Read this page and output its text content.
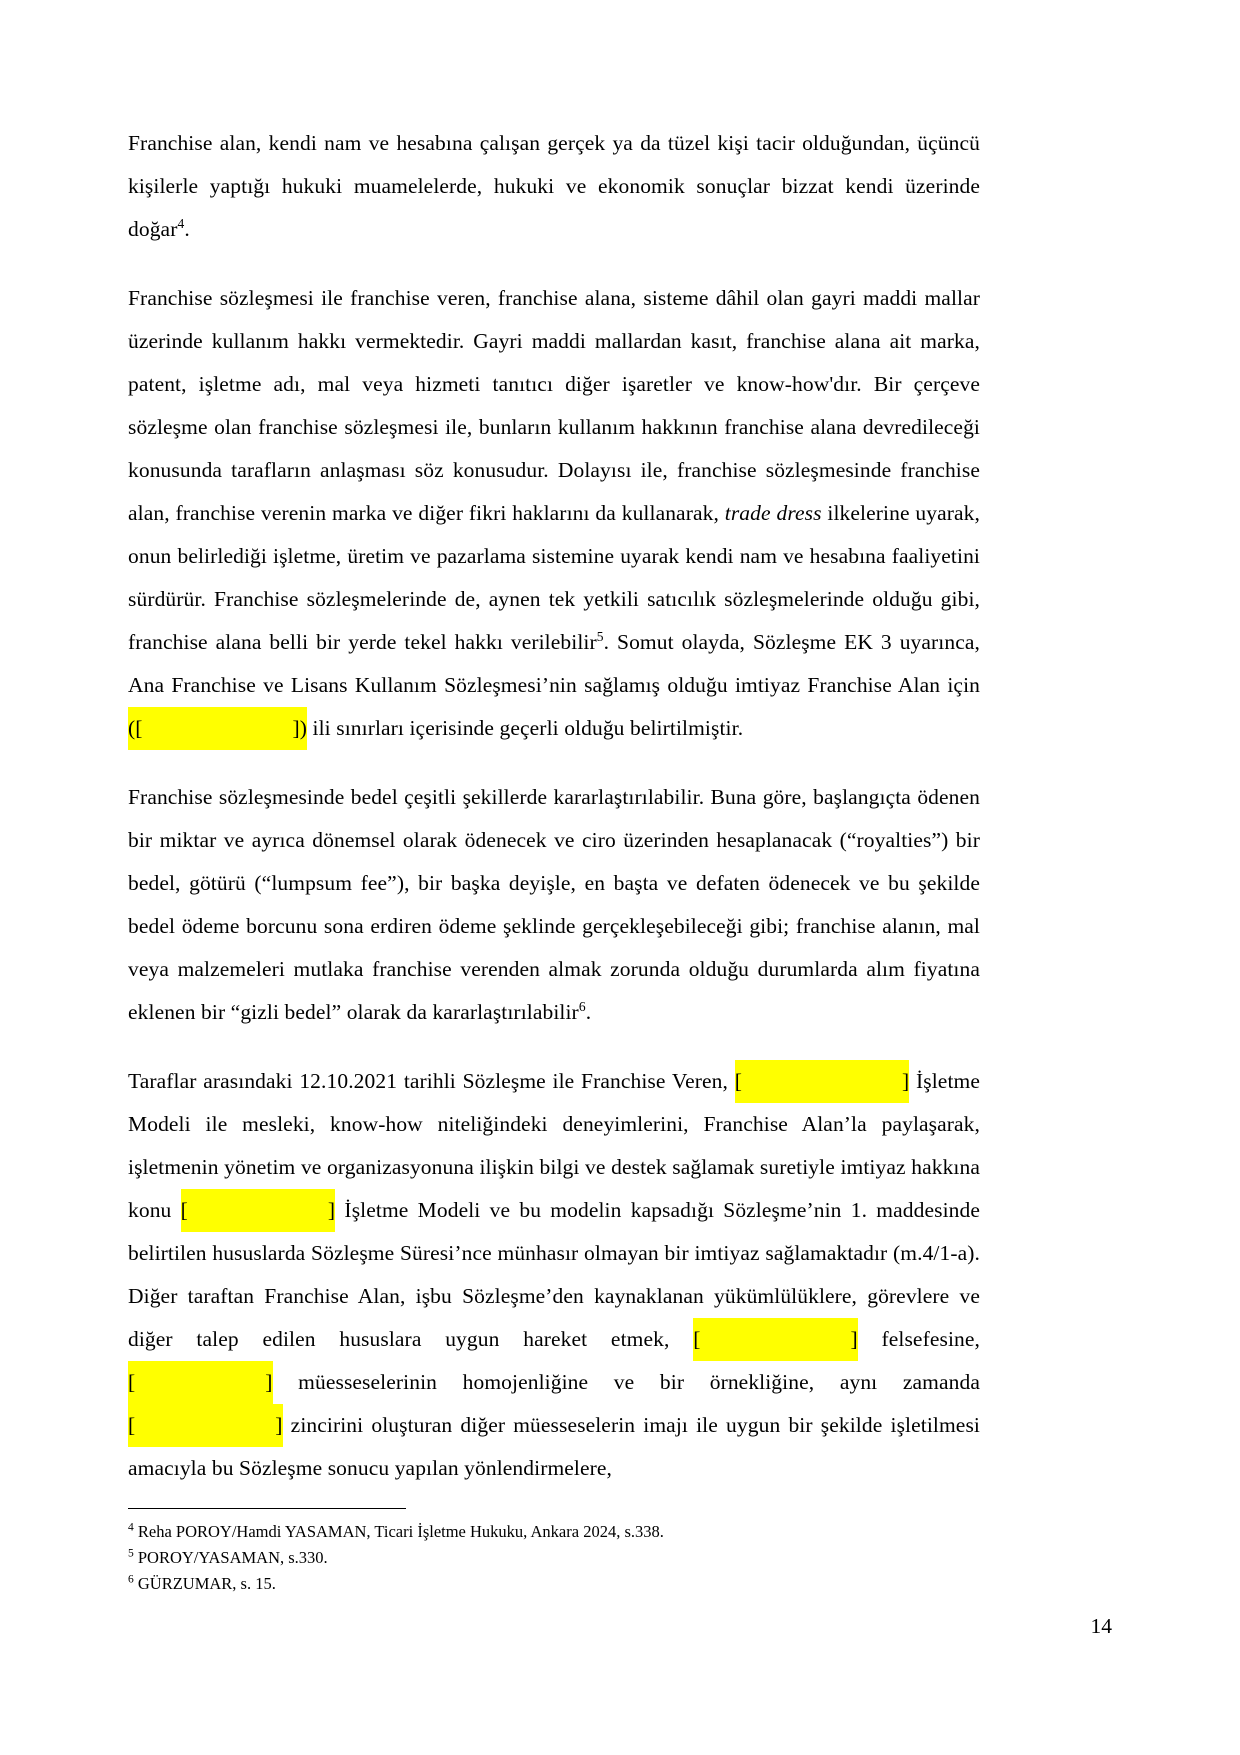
Franchise alan, kendi nam ve hesabına çalışan gerçek ya da tüzel kişi tacir olduğundan, üçüncü kişilerle yaptığı hukuki muamelelerde, hukuki ve ekonomik sonuçlar bizzat kendi üzerinde doğar$^4$.

Franchise sözleşmesi ile franchise veren, franchise alana, sisteme dâhil olan gayri maddi mallar üzerinde kullanım hakkı vermektedir. Gayri maddi mallardan kasıt, franchise alana ait marka, patent, işletme adı, mal veya hizmeti tanıtıcı diğer işaretler ve know-how'dır. Bir çerçeve sözleşme olan franchise sözleşmesi ile, bunların kullanım hakkının franchise alana devredileceği konusunda tarafların anlaşması söz konusudur. Dolayısı ile, franchise sözleşmesinde franchise alan, franchise verenin marka ve diğer fikri haklarını da kullanarak, trade dress ilkelerine uyarak, onun belirlediği işletme, üretim ve pazarlama sistemine uyarak kendi nam ve hesabına faaliyetini sürdürür. Franchise sözleşmelerinde de, aynen tek yetkili satıcılık sözleşmelerinde olduğu gibi, franchise alana belli bir yerde tekel hakkı verilebilir$^5$. Somut olayda, Sözleşme EK 3 uyarınca, Ana Franchise ve Lisans Kullanım Sözleşmesi’nin sağlamış olduğu imtiyaz Franchise Alan için ([	]) ili sınırları içerisinde geçerli olduğu belirtilmiştir.

Franchise sözleşmesinde bedel çeşitli şekillerde kararlaştırılabilir. Buna göre, başlangıçta ödenen bir miktar ve ayrıca dönemsel olarak ödenecek ve ciro üzerinden hesaplanacak (“royalties”) bir bedel, götürü (“lumpsum fee”), bir başka deyişle, en başta ve defaten ödenecek ve bu şekilde bedel ödeme borcunu sona erdiren ödeme şeklinde gerçekleşebileceği gibi; franchise alanın, mal veya malzemeleri mutlaka franchise verenden almak zorunda olduğu durumlarda alım fiyatına eklenen bir “gizli bedel” olarak da kararlaştırılabilir$^6$.

Taraflar arasındaki 12.10.2021 tarihli Sözleşme ile Franchise Veren, [	] İşletme Modeli ile mesleki, know-how niteliğindeki deneyimlerini, Franchise Alan’la paylaşarak, işletmenin yönetim ve organizasyonuna ilişkin bilgi ve destek sağlamak suretiyle imtiyaz hakkına konu [	] İşletme Modeli ve bu modelin kapsadığı Sözleşme’nin 1. maddesinde belirtilen hususlarda Sözleşme Süresi’nce münhasır olmayan bir imtiyaz sağlamaktadır (m.4/1-a). Diğer taraftan Franchise Alan, işbu Sözleşme’den kaynaklanan yükümlülüklere, görevlere ve diğer talep edilen hususlara uygun hareket etmek, [	] felsefesine, [	] müesseselerinin homojenliğine ve bir örnekliğine, aynı zamanda [	] zincirini oluşturan diğer müesseselerin imajı ile uygun bir şekilde işletilmesi amacıyla bu Sözleşme sonucu yapılan yönlendirmelere,

$^4$ Reha POROY/Hamdi YASAMAN, Ticari İşletme Hukuku, Ankara 2024, s.338.

$^5$ POROY/YASAMAN, s.330.

$^6$ GÜRZUMAR, s. 15.

14
